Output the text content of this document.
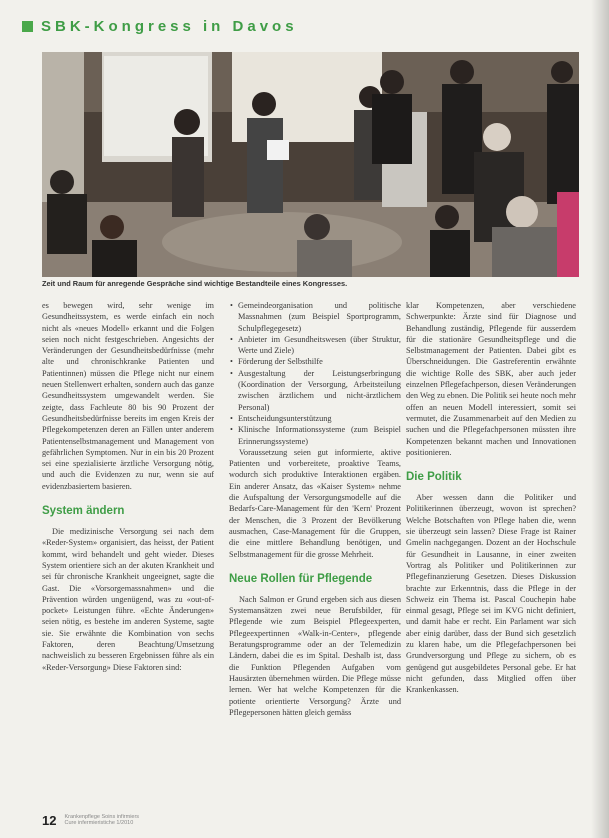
SBK-Kongress in Davos
Zeit und Raum für anregende Gespräche sind wichtige Bestandteile eines Kongresses.

es bewegen wird, sehr wenige im Gesundheitssystem, es werde einfach ein noch nicht als «neues Modell» erkannt und die Folgen seien noch nicht festgeschrieben. Angesichts der Veränderungen der Gesundheitsbedürfnisse (mehr alte und chronischkranke Patienten und Patientinnen) müssen die Pflege nicht nur einem neuen Stellenwert erhalten, sondern auch das ganze Gesundheitssystem umgewandelt werden. Sie zeigte, dass Fachleute 80 bis 90 Prozent der Gesundheitsbedürfnisse bereits im engen Kreis der Pflegekompetenzen deren an Fällen unter anderem Patientenselbstmanagement und Management von gefährlichen Symptomen. Nur in ein bis 20 Prozent sei eine spezialisierte ärztliche Versorgung nötig, und auch die Evidenzen zu nur, wenn sie auf evidenzbasiertem basieren.

System ändern

Die medizinische Versorgung sei nach dem «Reder-System» organisiert, das heisst, der Patient kommt, wird behandelt und geht wieder. Dieses System orientiere sich an der akuten Krankheit und sei für chronische Krankheit ungeeignet, sagte die Gast. Die «Vorsorgemassnahmen» und die Prävention würden ungenügend, was zu «out-of-pocket» Leistungen führe. «Echte Änderungen» seien nötig, es bestehe im anderen Systeme, sagte sie. Sie erwähnte die Kombination von sechs Faktoren, deren Beachtung/Umsetzung nachweislich zu besseren Ergebnissen führe als ein «Reder-Versorgung» Diese Faktoren sind:

• Gemeindeorganisation und politische Massnahmen (zum Beispiel Sportprogramm, Schulpflegegesetz)
• Anbieter im Gesundheitswesen (über Struktur, Werte und Ziele)
• Förderung der Selbsthilfe
• Ausgestaltung der Leistungserbringung (Koordination der Versorgung, Arbeitsteilung zwischen ärztlichem und nicht-ärztlichem Personal)
• Entscheidungsunterstützung
• Klinische Informationssysteme (zum Beispiel Erinnerungssysteme)

Voraussetzung seien gut informierte, aktive Patienten und vorbereitete, proaktive Teams, wodurch sich produktive Interaktionen ergäben. Ein anderer Ansatz, das «Kaiser System» nehme die Aufspaltung der Versorgungsmodelle auf die Bedarfs-Care-Management für den 'Kern' Prozent der Menschen, die 3 Prozent der Bevölkerung ausmachen, Case-Management für die Gruppen, die eine mittlere Behandlung benötigen, und Selbstmanagement für die grosse Mehrheit.

Neue Rollen für Pflegende

Nach Salmon er Grund ergeben sich aus diesen Systemansätzen zwei neue Berufsbilder, für Pflegende wie zum Beispiel Pflegeexperten, Pflegeexpertinnen «Walk-in-Center», pflegende Beratungsprogramme oder an der Telemedizin Ländern, dabei die es im Spital. Deshalb ist, dass die Funktion Pflegenden Aufgaben vom Hausärzten übernehmen würden. Die Pflege müsse lernen. Wer hat welche Kompetenzen für die potiente orientierte Versorgung? Ärzte und Pflegepersonen hätten gleich gemäss

klar Kompetenzen, aber verschiedene Schwerpunkte: Ärzte sind für Diagnose und Behandlung zuständig, Pflegende für ausserdem für die stationäre Gesundheitspflege und die Selbstmanagement der Patienten. Dabei gibt es Überschneidungen. Die Gastreferentin erwähnte die wichtige Rolle des SBK, aber auch jeder einzelnen Pflegefachperson, diesen Veränderungen den Weg zu ebnen. Die Politik sei heute noch mehr offen an neuen Modell interessiert, somit sei vermutet, die Zusammenarbeit auf den Medien zu suchen und die Pflegefachpersonen müssten ihre Kompetenzen bekannt machen und Innovationen positionieren.

Die Politik

Aber wessen dann die Politiker und Politikerinnen überzeugt, wovon ist sprechen? Welche Botschaften von Pflege haben die, wenn sie überzeugt sein lassen? Diese Frage ist Rainer Gmelin nachgegangen. Dozent an der Hochschule für Gesundheit in Lausanne, in einer zweiten Vortrag als Politiker und Politikerinnen zur Pflegefinanzierung Gesetzen. Dieses Diskussion brachte zur Erkenntnis, dass die Pflege in der Schweiz ein Thema ist. Pascal Couchepin habe einmal gesagt, Pflege sei im KVG nicht definiert, und damit habe er recht. Ein Parlament war sich aber einig darüber, dass der Bund sich gesetzlich zu klaren habe, um die Pflegefachpersonen bei Grundversorgung und Pflege zu sichern, ob es genügend gut ausgebildetes Personal gebe. Er hat nicht gefunden, dass Mitglied offen über Krankenkassen.

12 Krankenpflege Soins infirmiers
Cure infermieristiche 1/2010
